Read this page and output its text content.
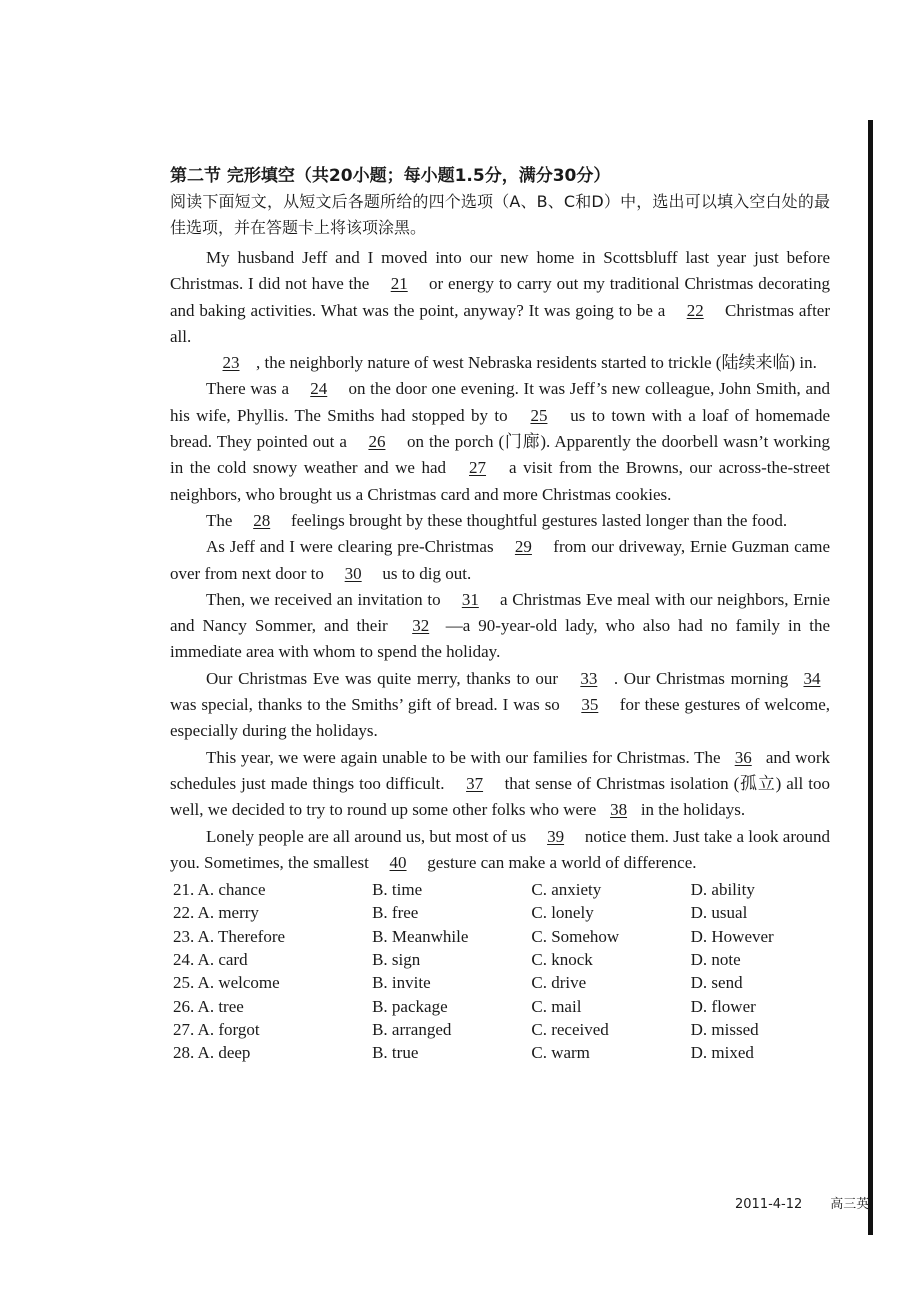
第二节 完形填空（共20小题；每小题1.5分，满分30分）

阅读下面短文，从短文后各题所给的四个选项（A、B、C和D）中，选出可以填入空白处的最佳选项，并在答题卡上将该项涂黑。

My husband Jeff and I moved into our new home in Scottsbluff last year just before Christmas. I did not have the 21 or energy to carry out my traditional Christmas decorating and baking activities. What was the point, anyway? It was going to be a 22 Christmas after all.

23 , the neighborly nature of west Nebraska residents started to trickle (陆续来临) in.

There was a 24 on the door one evening. It was Jeff’s new colleague, John Smith, and his wife, Phyllis. The Smiths had stopped by to 25 us to town with a loaf of homemade bread. They pointed out a 26 on the porch (门廊). Apparently the doorbell wasn’t working in the cold snowy weather and we had 27 a visit from the Browns, our across-the-street neighbors, who brought us a Christmas card and more Christmas cookies.

The 28 feelings brought by these thoughtful gestures lasted longer than the food.

As Jeff and I were clearing pre-Christmas 29 from our driveway, Ernie Guzman came over from next door to 30 us to dig out.

Then, we received an invitation to 31 a Christmas Eve meal with our neighbors, Ernie and Nancy Sommer, and their 32 —a 90-year-old lady, who also had no family in the immediate area with whom to spend the holiday.

Our Christmas Eve was quite merry, thanks to our 33 . Our Christmas morning 34 was special, thanks to the Smiths’ gift of bread. I was so 35 for these gestures of welcome, especially during the holidays.

This year, we were again unable to be with our families for Christmas. The 36 and work schedules just made things too difficult. 37 that sense of Christmas isolation (孤立) all too well, we decided to try to round up some other folks who were 38 in the holidays.

Lonely people are all around us, but most of us 39 notice them. Just take a look around you. Sometimes, the smallest 40 gesture can make a world of difference.

21. A. chance	B. time	C. anxiety	D. ability
22. A. merry	B. free	C. lonely	D. usual
23. A. Therefore	B. Meanwhile	C. Somehow	D. However
24. A. card	B. sign	C. knock	D. note
25. A. welcome	B. invite	C. drive	D. send
26. A. tree	B. package	C. mail	D. flower
27. A. forgot	B. arranged	C. received	D. missed
28. A. deep	B. true	C. warm	D. mixed
2011-4-12 高三英
